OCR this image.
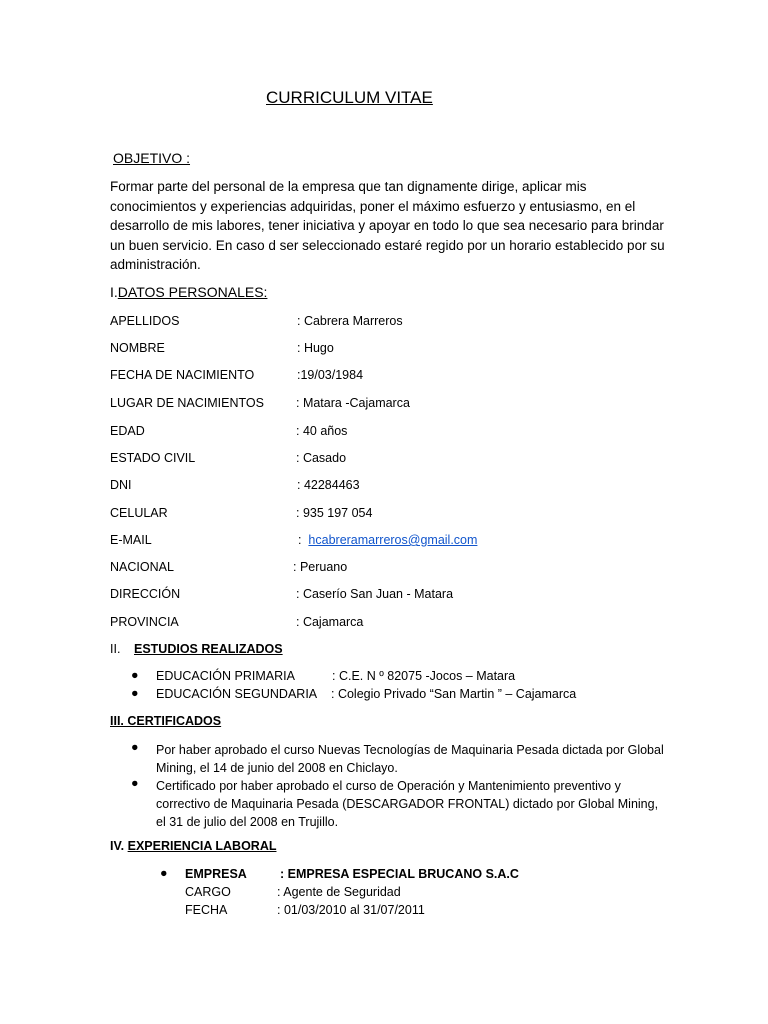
CURRICULUM VITAE
OBJETIVO :
Formar parte del personal de la empresa que tan dignamente dirige, aplicar mis conocimientos y experiencias adquiridas, poner el máximo esfuerzo y entusiasmo, en el desarrollo de mis labores, tener iniciativa y apoyar en todo lo que sea necesario para brindar un buen servicio. En caso d ser seleccionado estaré regido por un horario establecido por su administración.
I.DATOS PERSONALES:
APELLIDOS	: Cabrera Marreros
NOMBRE	: Hugo
FECHA DE NACIMIENTO	:19/03/1984
LUGAR DE NACIMIENTOS	: Matara -Cajamarca
EDAD	: 40 años
ESTADO CIVIL	: Casado
DNI	: 42284463
CELULAR	: 935 197 054
E-MAIL	:  hcabreramarreros@gmail.com
NACIONAL	: Peruano
DIRECCIÓN	: Caserío San Juan - Matara
PROVINCIA	: Cajamarca
II. ESTUDIOS REALIZADOS
● EDUCACIÓN PRIMARIA	: C.E. N º 82075 -Jocos – Matara
● EDUCACIÓN SEGUNDARIA : Colegio Privado “San Martin ” – Cajamarca
III. CERTIFICADOS
● Por haber aprobado el curso Nuevas Tecnologías de Maquinaria Pesada dictada por Global Mining, el 14 de junio del 2008 en Chiclayo.
● Certificado por haber aprobado el curso de Operación y Mantenimiento preventivo y correctivo de Maquinaria Pesada (DESCARGADOR FRONTAL) dictado por Global Mining, el 31 de julio del 2008 en Trujillo.
IV. EXPERIENCIA LABORAL
● EMPRESA	: EMPRESA ESPECIAL BRUCANO S.A.C
CARGO	: Agente de Seguridad
FECHA	: 01/03/2010 al 31/07/2011
